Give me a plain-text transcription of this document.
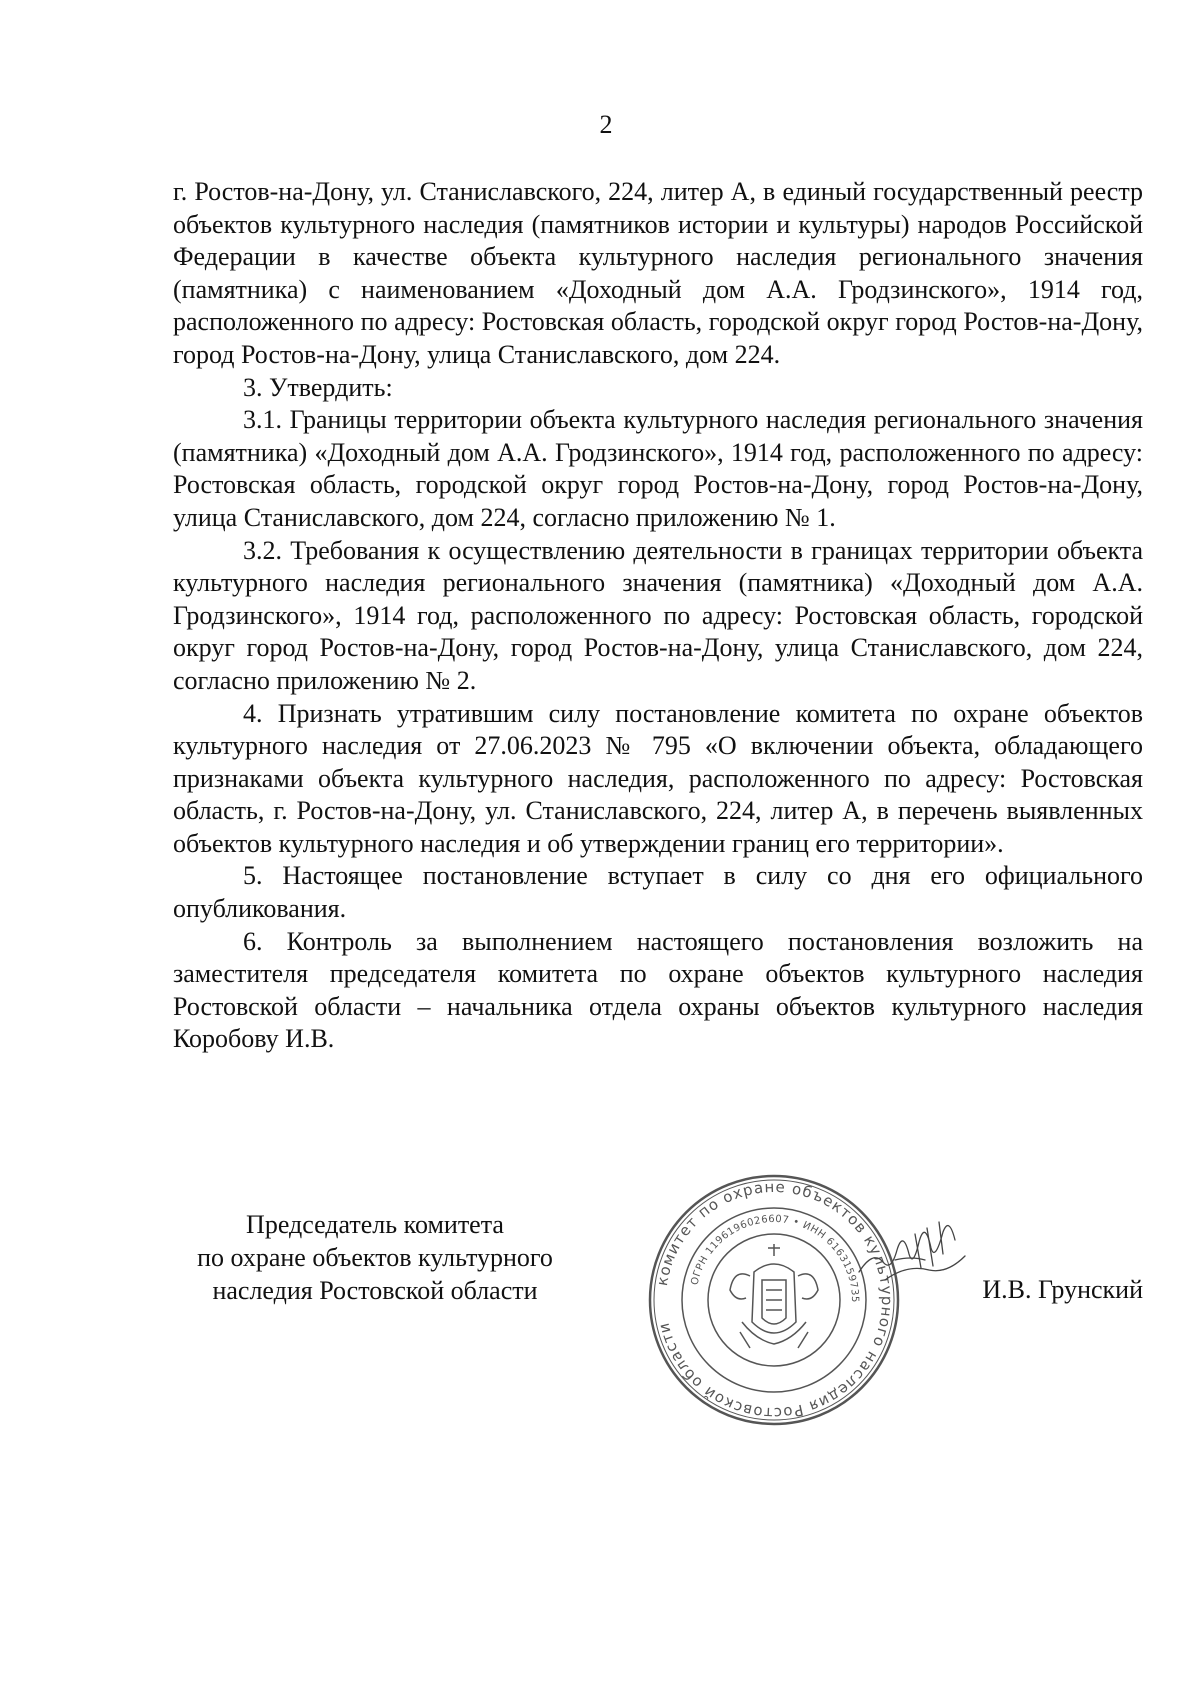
2

г. Ростов-на-Дону, ул. Станиславского, 224, литер А, в единый государственный реестр объектов культурного наследия (памятников истории и культуры) народов Российской Федерации в качестве объекта культурного наследия регионального значения (памятника) с наименованием «Доходный дом А.А. Гродзинского», 1914 год, расположенного по адресу: Ростовская область, городской округ город Ростов-на-Дону, город Ростов-на-Дону, улица Станиславского, дом 224.

3. Утвердить:

3.1. Границы территории объекта культурного наследия регионального значения (памятника) «Доходный дом А.А. Гродзинского», 1914 год, расположенного по адресу: Ростовская область, городской округ город Ростов-на-Дону, город Ростов-на-Дону, улица Станиславского, дом 224, согласно приложению № 1.

3.2. Требования к осуществлению деятельности в границах территории объекта культурного наследия регионального значения (памятника) «Доходный дом А.А. Гродзинского», 1914 год, расположенного по адресу: Ростовская область, городской округ город Ростов-на-Дону, город Ростов-на-Дону, улица Станиславского, дом 224, согласно приложению № 2.

4. Признать утратившим силу постановление комитета по охране объектов культурного наследия от 27.06.2023 № 795 «О включении объекта, обладающего признаками объекта культурного наследия, расположенного по адресу: Ростовская область, г. Ростов-на-Дону, ул. Станиславского, 224, литер А, в перечень выявленных объектов культурного наследия и об утверждении границ его территории».

5. Настоящее постановление вступает в силу со дня его официального опубликования.

6. Контроль за выполнением настоящего постановления возложить на заместителя председателя комитета по охране объектов культурного наследия Ростовской области – начальника отдела охраны объектов культурного наследия Коробову И.В.

Председатель комитета
по охране объектов культурного
наследия Ростовской области	комитет по охране объектов культурного наследия Ростовской области
ОГРН 1196196026607 • ИНН 6163159735	И.В. Грунский
